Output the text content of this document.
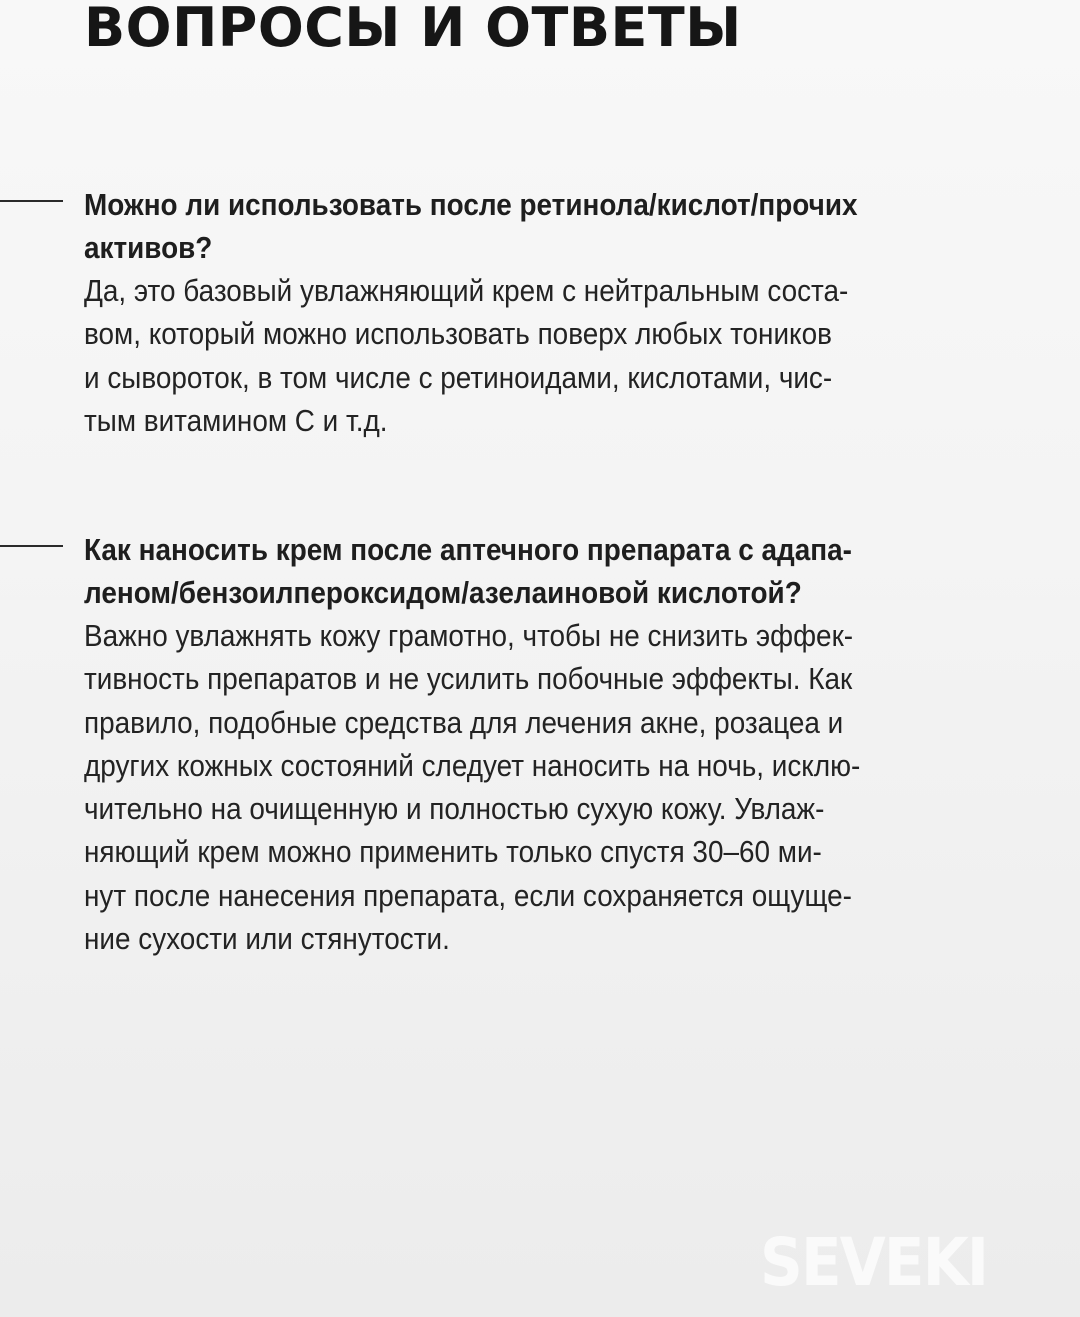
ВОПРОСЫ И ОТВЕТЫ

Можно ли использовать после ретинола/кислот/прочих
активов?

Да, это базовый увлажняющий крем с нейтральным соста-
вом, который можно использовать поверх любых тоников
и сывороток, в том числе с ретиноидами, кислотами, чис-
тым витамином С и т.д.

Как наносить крем после аптечного препарата с адапа-
леном/бензоилпероксидом/азелаиновой кислотой?

Важно увлажнять кожу грамотно, чтобы не снизить эффек-
тивность препаратов и не усилить побочные эффекты. Как
правило, подобные средства для лечения акне, розацеа и
других кожных состояний следует наносить на ночь, исклю-
чительно на очищенную и полностью сухую кожу. Увлаж-
няющий крем можно применить только спустя 30–60 ми-
нут после нанесения препарата, если сохраняется ощуще-
ние сухости или стянутости.

SEVEKI
